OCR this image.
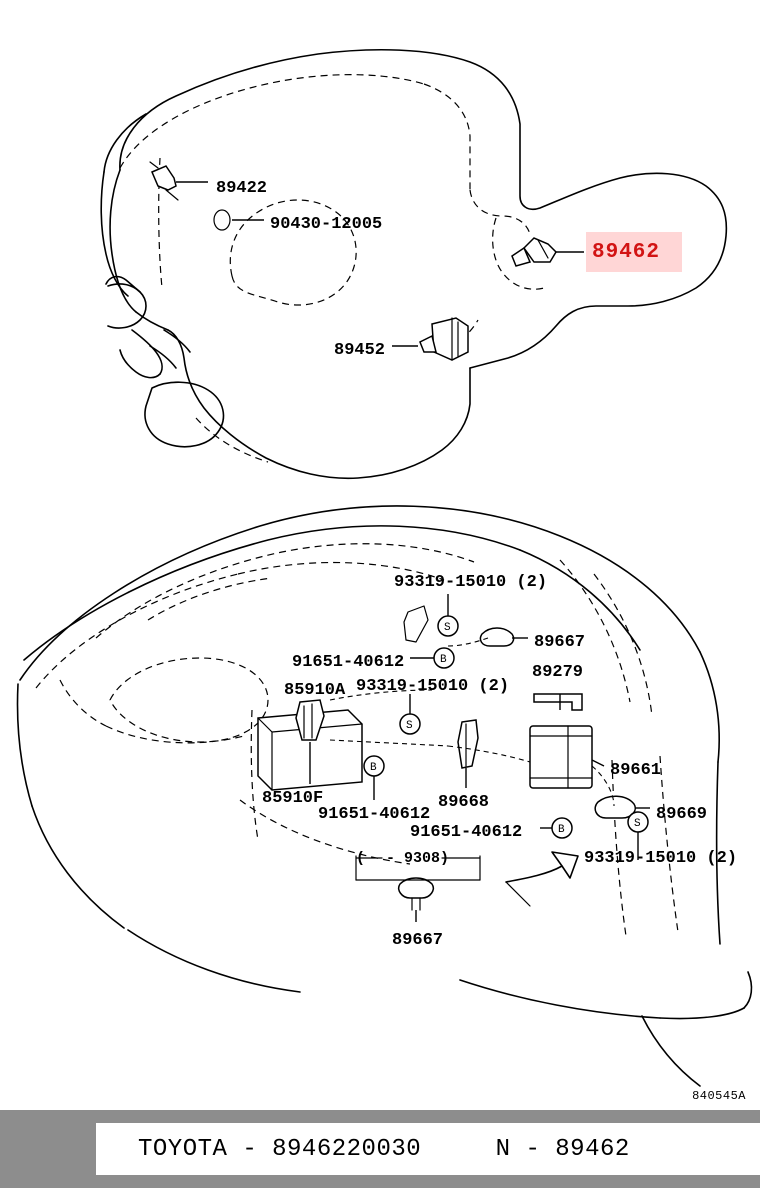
89422
90430-12005
89452
S
B
S
B
B	S
93319-15010 (2)
89667
89279
91651-40612
85910A 93319-15010 (2)
89661
85910F
91651-40612
89668
89669
91651-40612
93319-15010 (2)
- 9308)
(
89667
89462
840545A
TOYOTA - 8946220030     N - 89462
